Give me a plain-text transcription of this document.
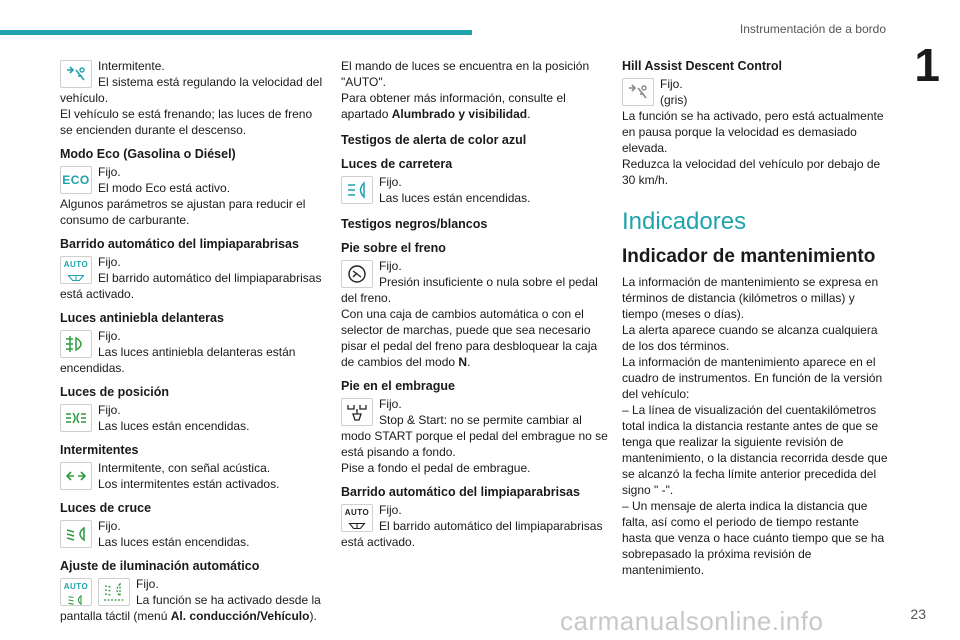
Instrumentación de a bordo
1

Intermitente.

El sistema está regulando la velocidad del vehículo.

El vehículo se está frenando; las luces de freno se encienden durante el descenso.

Modo Eco (Gasolina o Diésel)
ECO

Fijo.

El modo Eco está activo.

Algunos parámetros se ajustan para reducir el consumo de carburante.

Barrido automático del limpiaparabrisas
AUTO Fijo.

El barrido automático del limpiaparabrisas está activado.

Luces antiniebla delanteras

Fijo.

Las luces antiniebla delanteras están encendidas.

Luces de posición

Fijo.

Las luces están encendidas.

Intermitentes

Intermitente, con señal acústica.

Los intermitentes están activados.

Luces de cruce

Fijo.

Las luces están encendidas.

Ajuste de iluminación automático
AUTO	Fijo.

La función se ha activado desde la pantalla táctil (menú Al. conducción/Vehículo).

El mando de luces se encuentra en la posición "AUTO".

Para obtener más información, consulte el apartado Alumbrado y visibilidad.

Testigos de alerta de color azul
Luces de carretera

Fijo.

Las luces están encendidas.

Testigos negros/blancos
Pie sobre el freno

Fijo.

Presión insuficiente o nula sobre el pedal del freno.

Con una caja de cambios automática o con el selector de marchas, puede que sea necesario pisar el pedal del freno para desbloquear la caja de cambios del modo N.

Pie en el embrague

Fijo.

Stop & Start: no se permite cambiar al modo START porque el pedal del embrague no se está pisando a fondo.

Pise a fondo el pedal de embrague.

Barrido automático del limpiaparabrisas
AUTO Fijo.

El barrido automático del limpiaparabrisas está activado.

Hill Assist Descent Control

Fijo.

(gris)

La función se ha activado, pero está actualmente en pausa porque la velocidad es demasiado elevada.

Reduzca la velocidad del vehículo por debajo de 30 km/h.

Indicadores
Indicador de mantenimiento

La información de mantenimiento se expresa en términos de distancia (kilómetros o millas) y tiempo (meses o días).

La alerta aparece cuando se alcanza cualquiera de los dos términos.

La información de mantenimiento aparece en el cuadro de instrumentos. En función de la versión del vehículo:

– La línea de visualización del cuentakilómetros total indica la distancia restante antes de que se tenga que realizar la siguiente revisión de mantenimiento, o la distancia recorrida desde que se alcanzó la fecha límite anterior precedida del signo " -".

– Un mensaje de alerta indica la distancia que falta, así como el periodo de tiempo restante hasta que venza o hace cuánto tiempo que se ha sobrepasado la próxima revisión de mantenimiento.

carmanualsonline.info	23
